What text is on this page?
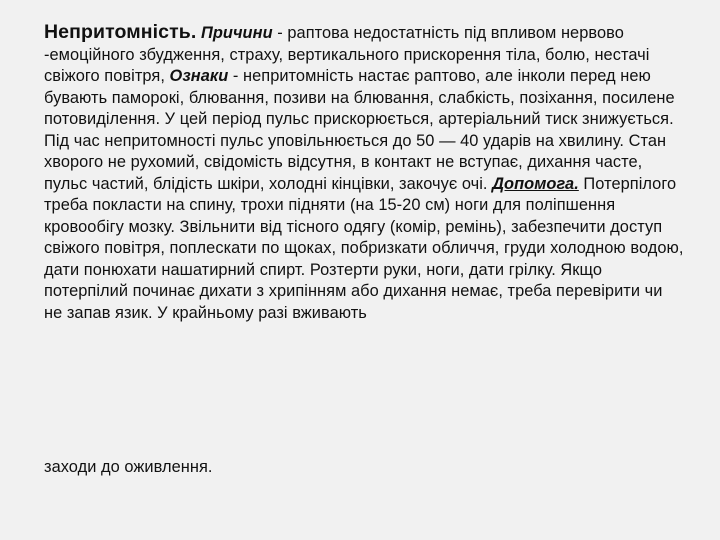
Непритомність. Причини - раптова недостатність під впливом нервово -емоційного збудження, страху, вертикального прискорення тіла, болю, нестачі свіжого повітря, Ознаки - непритомність настає раптово, але інколи перед нею бувають паморокі, блювання, позиви на блювання, слабкість, позіхання, посилене потовиділення. У цей період пульс прискорюється, артеріальний тиск знижується. Під час непритомності пульс уповільнюється до 50 — 40 ударів на хвилину. Стан хворого не рухомий, свідомість відсутня, в контакт не вступає, дихання часте, пульс частий, блідість шкіри, холодні кінцівки, закочує очі. Допомога. Потерпілого треба покласти на спину, трохи підняти (на 15-20 см) ноги для поліпшення кровообігу мозку. Звільнити від тісного одягу (комір, ремінь), забезпечити доступ свіжого повітря, поплескати по щоках, побризкати обличчя, груди холодною водою, дати понюхати нашатирний спирт. Розтерти руки, ноги, дати грілку. Якщо потерпілий починає дихати з хрипінням або дихання немає, треба перевірити чи не запав язик. У крайньому разі вживають

заходи до оживлення.
